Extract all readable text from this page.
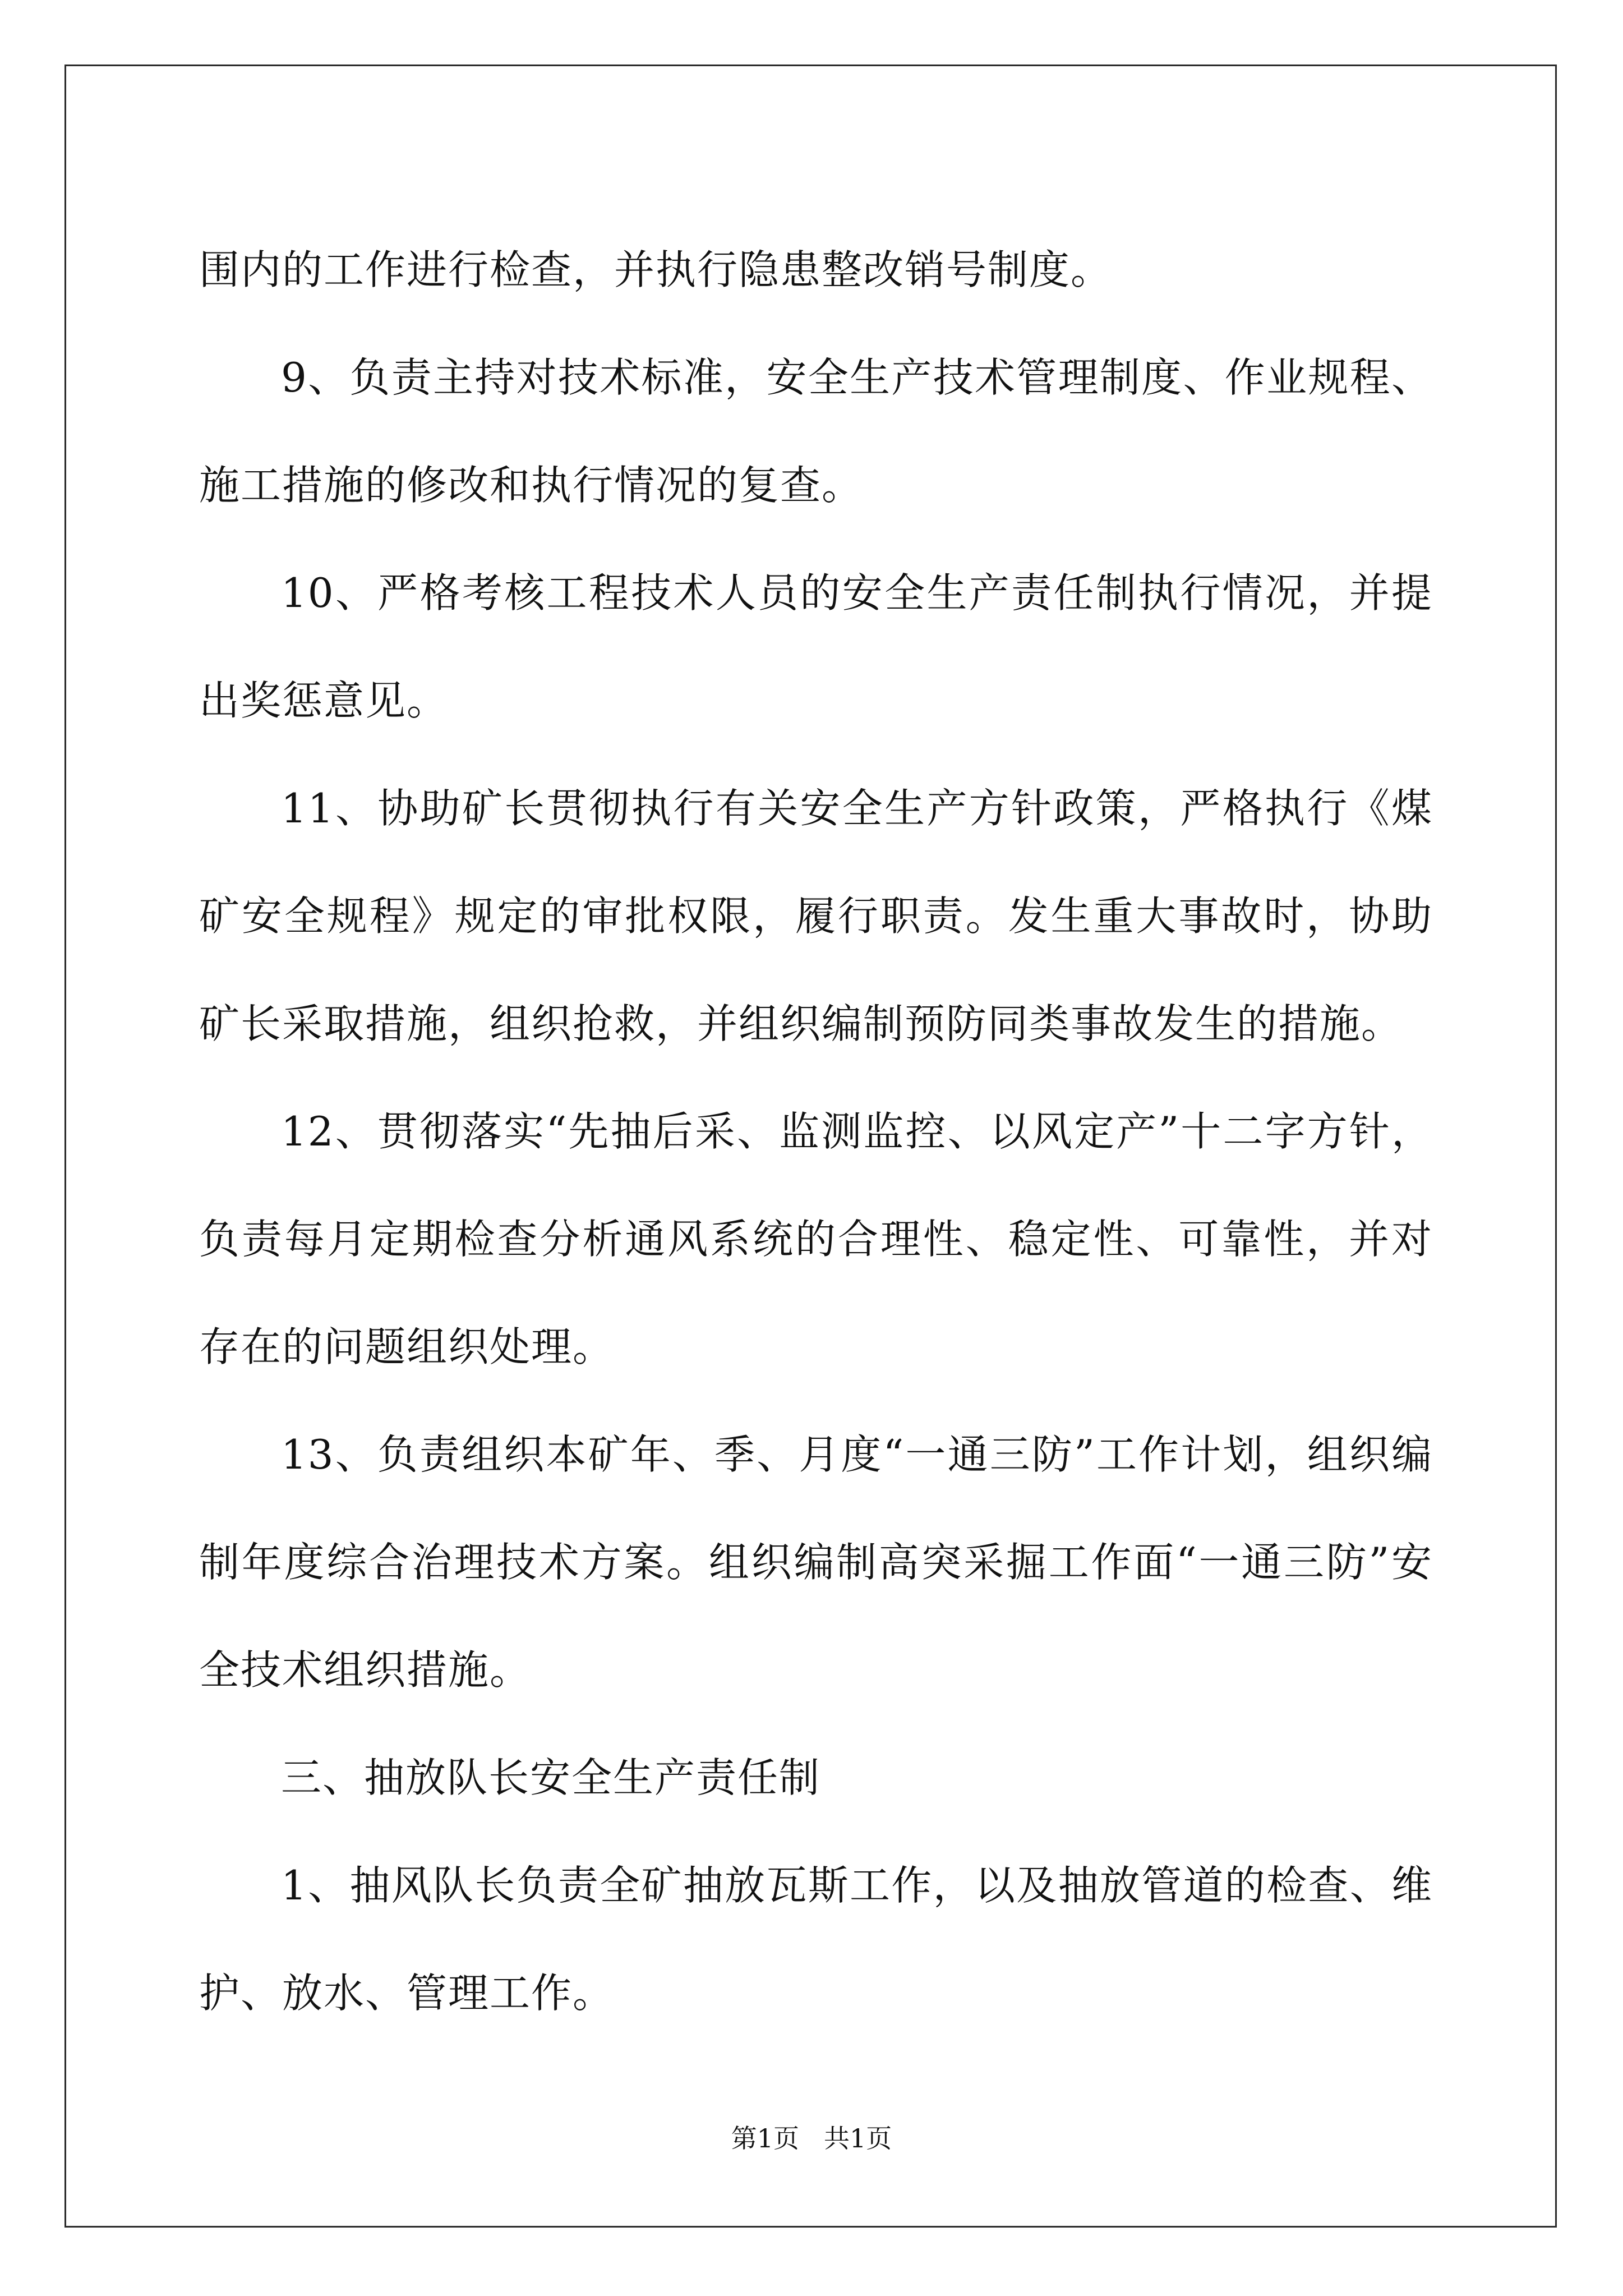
围内的工作进行检查，并执行隐患整改销号制度。

9、负责主持对技术标准，安全生产技术管理制度、作业规程、施工措施的修改和执行情况的复查。

10、严格考核工程技术人员的安全生产责任制执行情况，并提出奖惩意见。

11、协助矿长贯彻执行有关安全生产方针政策，严格执行《煤矿安全规程》规定的审批权限，履行职责。发生重大事故时，协助矿长采取措施，组织抢救，并组织编制预防同类事故发生的措施。

12、贯彻落实“先抽后采、监测监控、以风定产”十二字方针，负责每月定期检查分析通风系统的合理性、稳定性、可靠性，并对存在的问题组织处理。

13、负责组织本矿年、季、月度“一通三防”工作计划，组织编制年度综合治理技术方案。组织编制高突采掘工作面“一通三防”安全技术组织措施。

三、抽放队长安全生产责任制

1、抽风队长负责全矿抽放瓦斯工作，以及抽放管道的检查、维护、放水、管理工作。

第1页 共1页
